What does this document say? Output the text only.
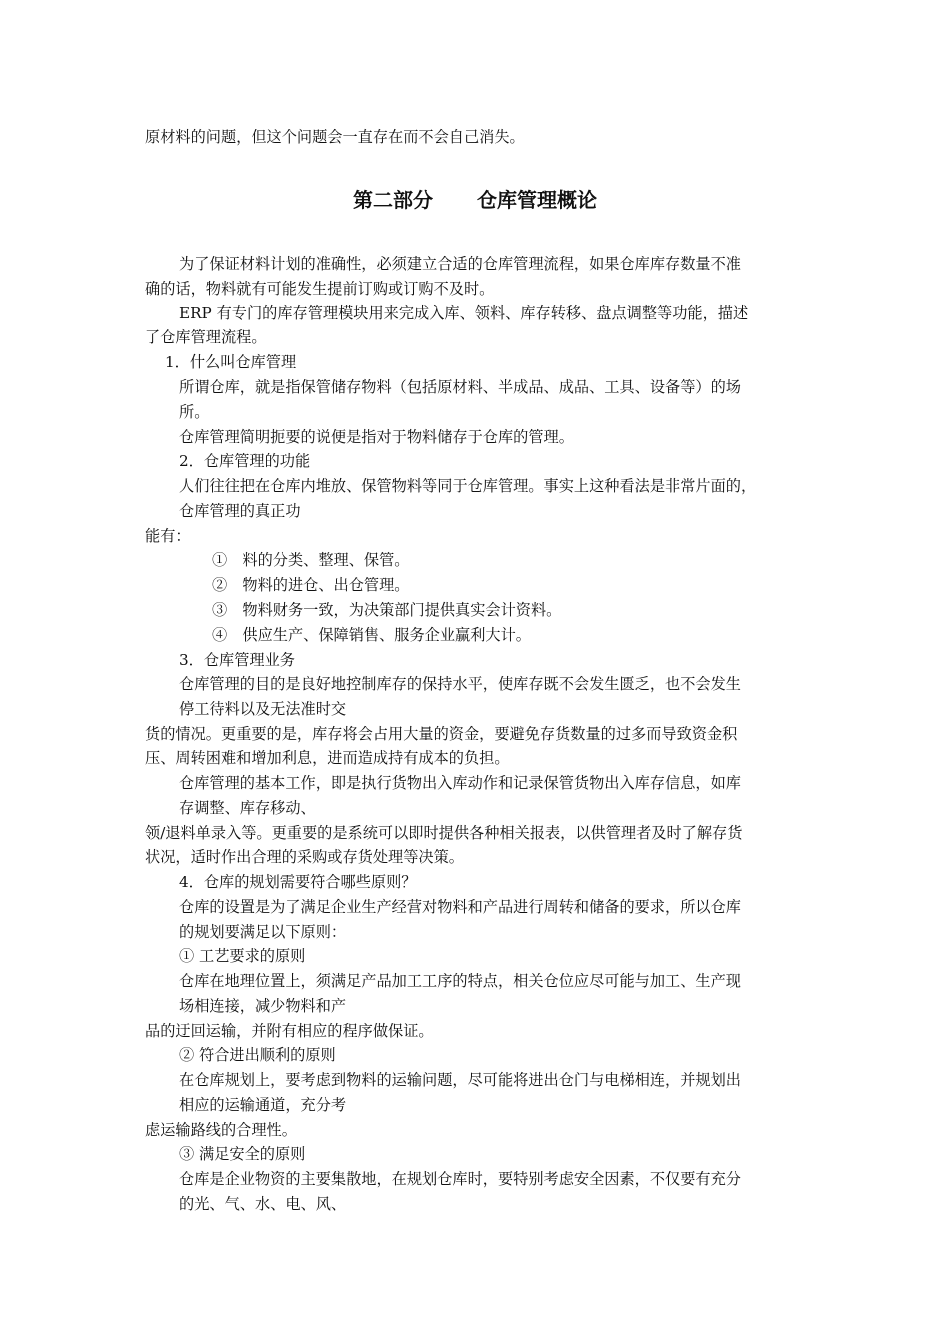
原材料的问题，但这个问题会一直存在而不会自己消失。

第二部分 仓库管理概论

为了保证材料计划的准确性，必须建立合适的仓库管理流程，如果仓库库存数量不准

确的话，物料就有可能发生提前订购或订购不及时。

ERP 有专门的库存管理模块用来完成入库、领料、库存转移、盘点调整等功能，描述

了仓库管理流程。

1．什么叫仓库管理

所谓仓库，就是指保管储存物料（包括原材料、半成品、成品、工具、设备等）的场

所。

仓库管理简明扼要的说便是指对于物料储存于仓库的管理。

2．仓库管理的功能

人们往往把在仓库内堆放、保管物料等同于仓库管理。事实上这种看法是非常片面的，

仓库管理的真正功

能有：

①　料的分类、整理、保管。

②　物料的进仓、出仓管理。

③　物料财务一致，为决策部门提供真实会计资料。

④　供应生产、保障销售、服务企业赢利大计。

3．仓库管理业务

仓库管理的目的是良好地控制库存的保持水平，使库存既不会发生匮乏，也不会发生

停工待料以及无法准时交

货的情况。更重要的是，库存将会占用大量的资金，要避免存货数量的过多而导致资金积

压、周转困难和增加利息，进而造成持有成本的负担。

仓库管理的基本工作，即是执行货物出入库动作和记录保管货物出入库存信息，如库

存调整、库存移动、

领/退料单录入等。更重要的是系统可以即时提供各种相关报表，以供管理者及时了解存货

状况，适时作出合理的采购或存货处理等决策。

4．仓库的规划需要符合哪些原则？

仓库的设置是为了满足企业生产经营对物料和产品进行周转和储备的要求，所以仓库

的规划要满足以下原则：

① 工艺要求的原则

仓库在地理位置上，须满足产品加工工序的特点，相关仓位应尽可能与加工、生产现

场相连接，减少物料和产

品的迂回运输，并附有相应的程序做保证。

② 符合进出顺利的原则

在仓库规划上，要考虑到物料的运输问题，尽可能将进出仓门与电梯相连，并规划出

相应的运输通道，充分考

虑运输路线的合理性。

③ 满足安全的原则

仓库是企业物资的主要集散地，在规划仓库时，要特别考虑安全因素，不仅要有充分

的光、气、水、电、风、
